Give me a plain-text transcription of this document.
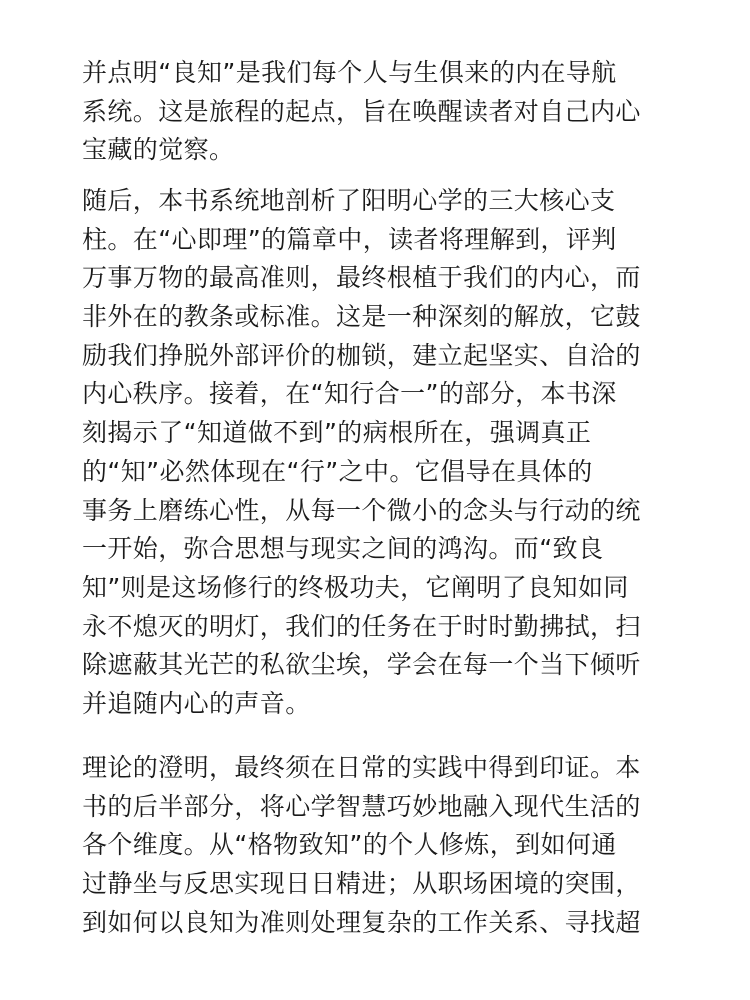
并点明“良知”是我们每个人与生俱来的内在导航
系统。这是旅程的起点，旨在唤醒读者对自己内心
宝藏的觉察。

随后，本书系统地剖析了阳明心学的三大核心支
柱。在“心即理”的篇章中，读者将理解到，评判
万事万物的最高准则，最终根植于我们的内心，而
非外在的教条或标准。这是一种深刻的解放，它鼓
励我们挣脱外部评价的枷锁，建立起坚实、自洽的
内心秩序。接着，在“知行合一”的部分，本书深
刻揭示了“知道做不到”的病根所在，强调真正
的“知”必然体现在“行”之中。它倡导在具体的
事务上磨练心性，从每一个微小的念头与行动的统
一开始，弥合思想与现实之间的鸿沟。而“致良
知”则是这场修行的终极功夫，它阐明了良知如同
永不熄灭的明灯，我们的任务在于时时勤拂拭，扫
除遮蔽其光芒的私欲尘埃，学会在每一个当下倾听
并追随内心的声音。

理论的澄明，最终须在日常的实践中得到印证。本
书的后半部分，将心学智慧巧妙地融入现代生活的
各个维度。从“格物致知”的个人修炼，到如何通
过静坐与反思实现日日精进；从职场困境的突围，
到如何以良知为准则处理复杂的工作关系、寻找超
